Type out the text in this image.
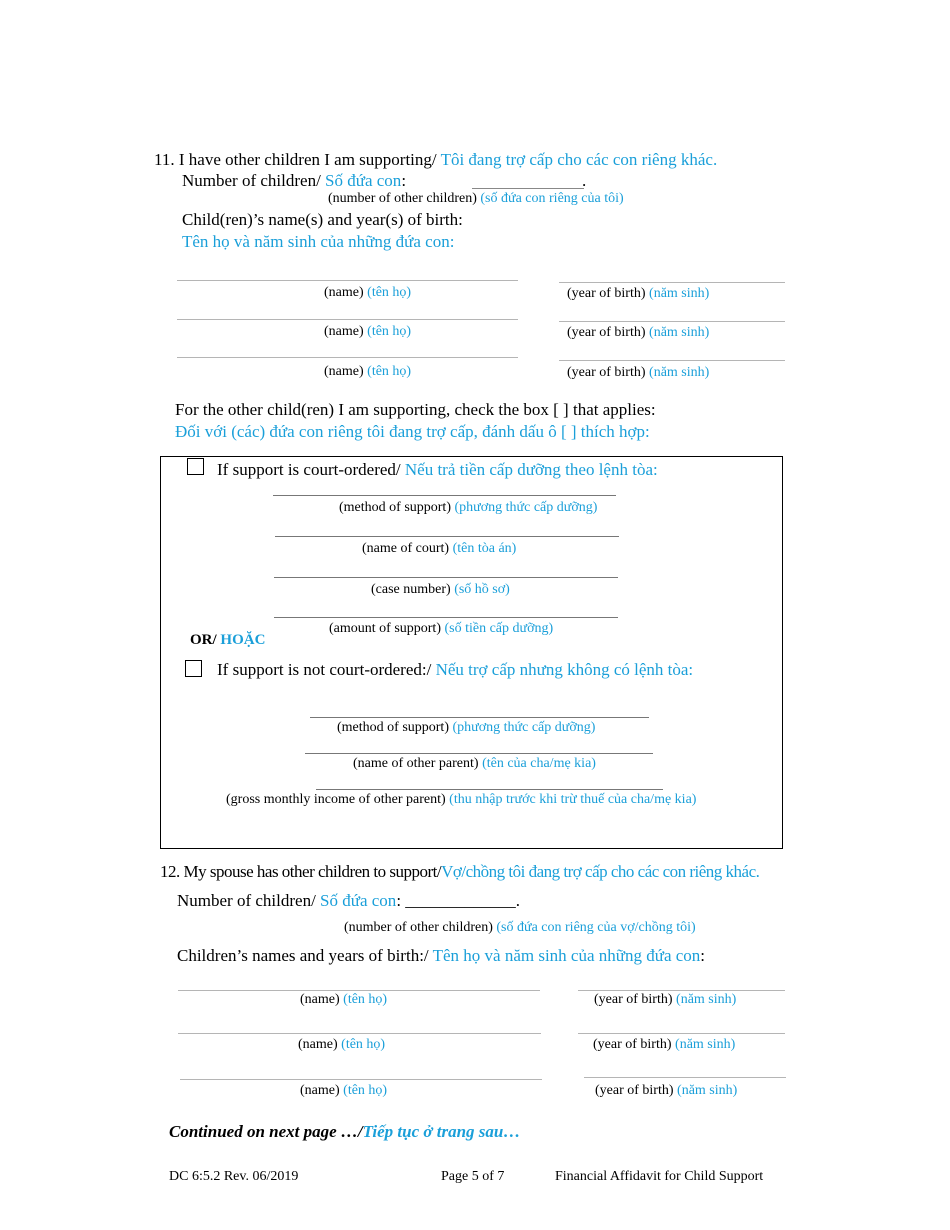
11. I have other children I am supporting/ Tôi đang trợ cấp cho các con riêng khác.
Number of children/ Số đứa con:	.
(number of other children) (số đứa con riêng của tôi)
Child(ren)’s name(s) and year(s) of birth:
Tên họ và năm sinh của những đứa con:
(name) (tên họ)	(year of birth) (năm sinh)
(name) (tên họ)	(year of birth) (năm sinh)
(name) (tên họ)	(year of birth) (năm sinh)
For the other child(ren) I am supporting, check the box [ ] that applies:
Đối với (các) đứa con riêng tôi đang trợ cấp, đánh dấu ô [ ] thích hợp:
If support is court-ordered/ Nếu trả tiền cấp dưỡng theo lệnh tòa:
(method of support) (phương thức cấp dưỡng)
(name of court) (tên tòa án)
(case number) (số hồ sơ)
(amount of support) (số tiền cấp dưỡng)
OR/ HOẶC
If support is not court-ordered:/ Nếu trợ cấp nhưng không có lệnh tòa:
(method of support) (phương thức cấp dưỡng)
(name of other parent) (tên của cha/mẹ kia)
(gross monthly income of other parent) (thu nhập trước khi trừ thuế của cha/mẹ kia)
12. My spouse has other children to support/Vợ/chồng tôi đang trợ cấp cho các con riêng khác.
Number of children/ Số đứa con: _____________.
(number of other children) (số đứa con riêng của vợ/chồng tôi)
Children’s names and years of birth:/ Tên họ và năm sinh của những đứa con:
(name) (tên họ)	(year of birth) (năm sinh)
(name) (tên họ)	(year of birth) (năm sinh)
(name) (tên họ)	(year of birth) (năm sinh)
Continued on next page …/Tiếp tục ở trang sau…
DC 6:5.2 Rev. 06/2019	Page 5 of 7	Financial Affidavit for Child Support
